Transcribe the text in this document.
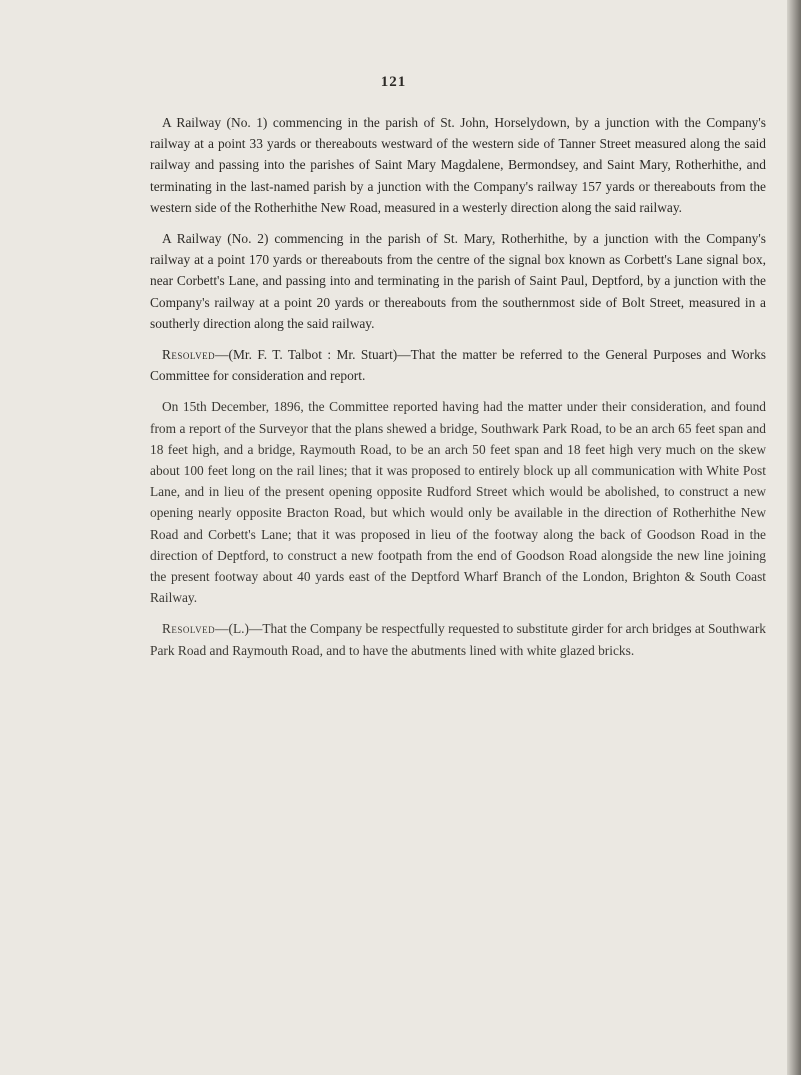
121

A Railway (No. 1) commencing in the parish of St. John, Horselydown, by a junction with the Company's railway at a point 33 yards or thereabouts westward of the western side of Tanner Street measured along the said railway and passing into the parishes of Saint Mary Magdalene, Bermondsey, and Saint Mary, Rotherhithe, and terminating in the last-named parish by a junction with the Company's railway 157 yards or thereabouts from the western side of the Rotherhithe New Road, measured in a westerly direction along the said railway.

A Railway (No. 2) commencing in the parish of St. Mary, Rotherhithe, by a junction with the Company's railway at a point 170 yards or thereabouts from the centre of the signal box known as Corbett's Lane signal box, near Corbett's Lane, and passing into and terminating in the parish of Saint Paul, Deptford, by a junction with the Company's railway at a point 20 yards or thereabouts from the southernmost side of Bolt Street, measured in a southerly direction along the said railway.

Resolved—(Mr. F. T. Talbot : Mr. Stuart)—That the matter be referred to the General Purposes and Works Committee for consideration and report.

On 15th December, 1896, the Committee reported having had the matter under their consideration, and found from a report of the Surveyor that the plans shewed a bridge, Southwark Park Road, to be an arch 65 feet span and 18 feet high, and a bridge, Raymouth Road, to be an arch 50 feet span and 18 feet high very much on the skew about 100 feet long on the rail lines; that it was proposed to entirely block up all communication with White Post Lane, and in lieu of the present opening opposite Rudford Street which would be abolished, to construct a new opening nearly opposite Bracton Road, but which would only be available in the direction of Rotherhithe New Road and Corbett's Lane; that it was proposed in lieu of the footway along the back of Goodson Road in the direction of Deptford, to construct a new footpath from the end of Goodson Road alongside the new line joining the present footway about 40 yards east of the Deptford Wharf Branch of the London, Brighton & South Coast Railway.

Resolved—(L.)—That the Company be respectfully requested to substitute girder for arch bridges at Southwark Park Road and Raymouth Road, and to have the abutments lined with white glazed bricks.
